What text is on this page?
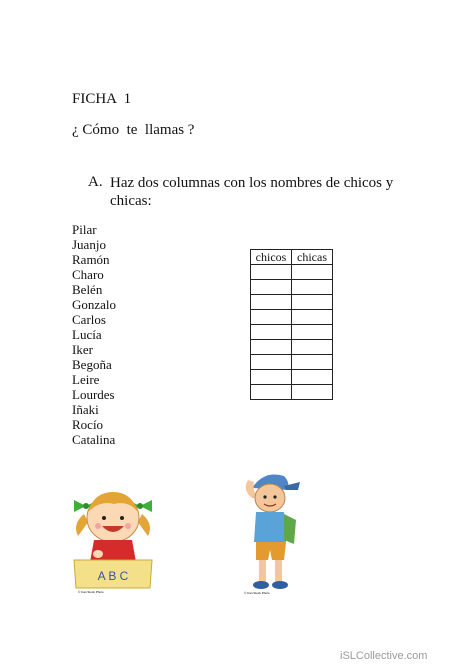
FICHA  1
¿ Cómo  te  llamas ?
A. Haz dos columnas con los nombres de chicos y chicas:
Pilar
Juanjo
Ramón
Charo
Belén
Gonzalo
Carlos
Lucía
Iker
Begoña
Leire
Lourdes
Iñaki
Rocío
Catalina
chicos	chicas

A B C
© Can Stock Photo	© Can Stock Photo
iSLCollective.com
